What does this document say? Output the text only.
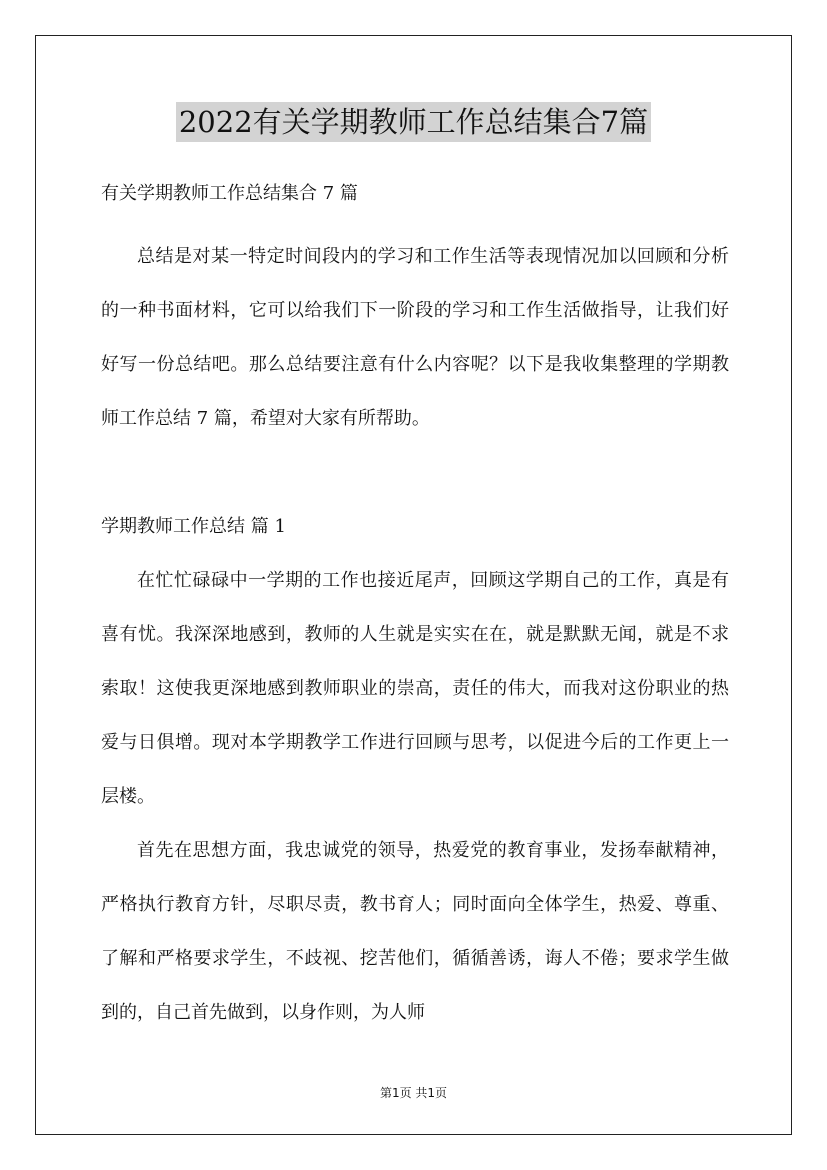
2022有关学期教师工作总结集合7篇

有关学期教师工作总结集合 7 篇

总结是对某一特定时间段内的学习和工作生活等表现情况加以回顾和分析的一种书面材料，它可以给我们下一阶段的学习和工作生活做指导，让我们好好写一份总结吧。那么总结要注意有什么内容呢？以下是我收集整理的学期教师工作总结 7 篇，希望对大家有所帮助。

学期教师工作总结 篇 1

在忙忙碌碌中一学期的工作也接近尾声，回顾这学期自己的工作，真是有喜有忧。我深深地感到，教师的人生就是实实在在，就是默默无闻，就是不求索取！这使我更深地感到教师职业的崇高，责任的伟大，而我对这份职业的热爱与日俱增。现对本学期教学工作进行回顾与思考，以促进今后的工作更上一层楼。

首先在思想方面，我忠诚党的领导，热爱党的教育事业，发扬奉献精神，严格执行教育方针，尽职尽责，教书育人；同时面向全体学生，热爱、尊重、了解和严格要求学生，不歧视、挖苦他们，循循善诱，诲人不倦；要求学生做到的，自己首先做到，以身作则，为人师

第1页 共1页
